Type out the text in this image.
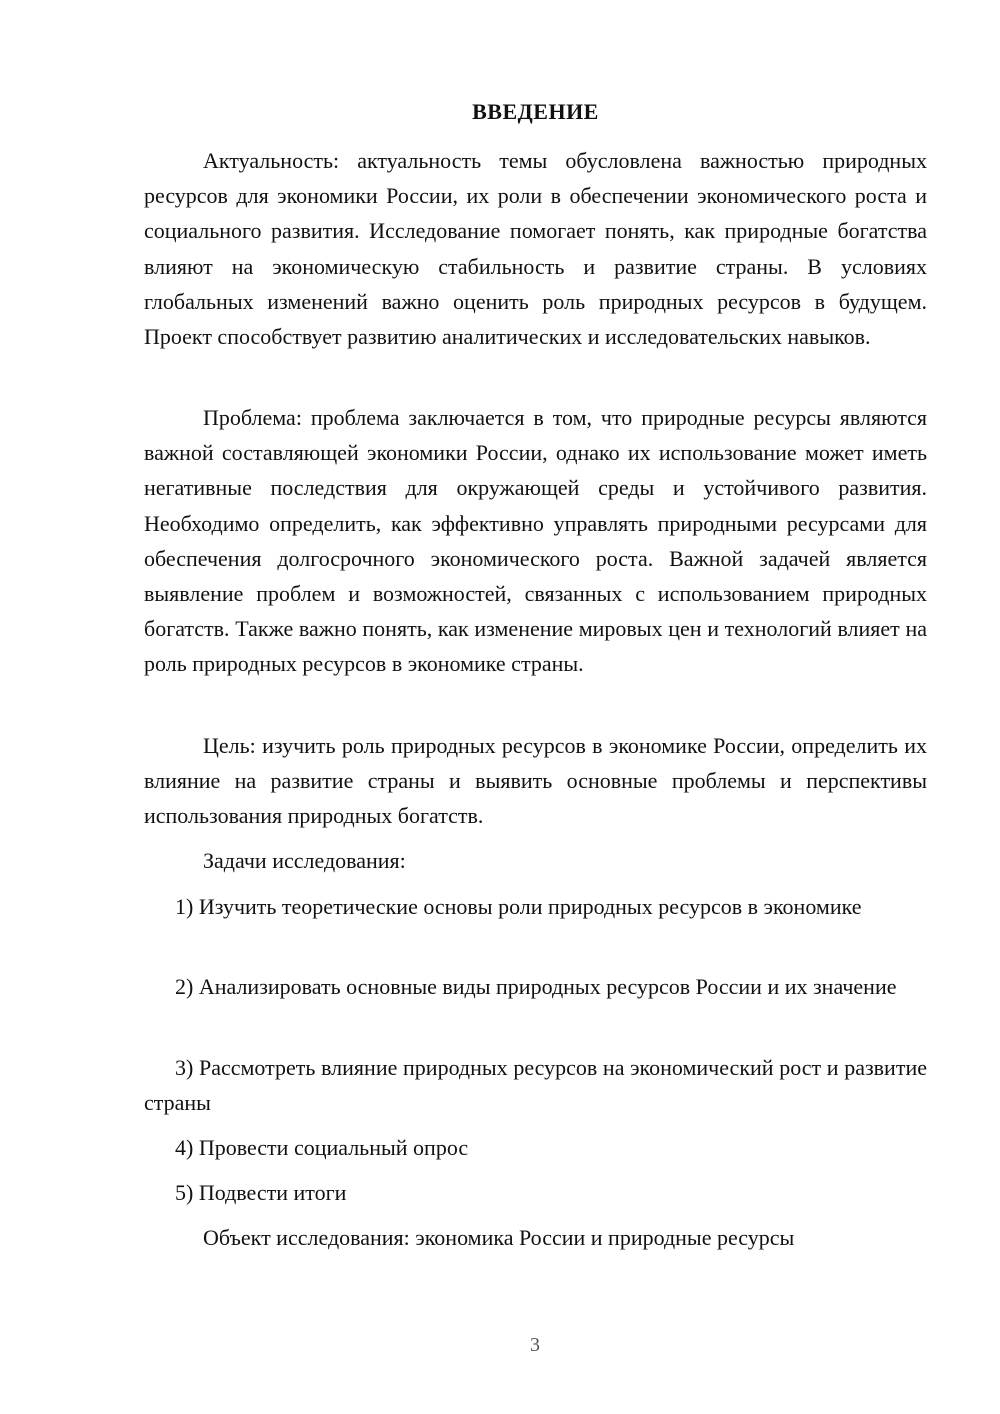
ВВЕДЕНИЕ

Актуальность: актуальность темы обусловлена важностью природных ресурсов для экономики России, их роли в обеспечении экономического роста и социального развития. Исследование помогает понять, как природные богатства влияют на экономическую стабильность и развитие страны. В условиях глобальных изменений важно оценить роль природных ресурсов в будущем. Проект способствует развитию аналитических и исследовательских навыков.

Проблема: проблема заключается в том, что природные ресурсы являются важной составляющей экономики России, однако их использование может иметь негативные последствия для окружающей среды и устойчивого развития. Необходимо определить, как эффективно управлять природными ресурсами для обеспечения долгосрочного экономического роста. Важной задачей является выявление проблем и возможностей, связанных с использованием природных богатств. Также важно понять, как изменение мировых цен и технологий влияет на роль природных ресурсов в экономике страны.

Цель: изучить роль природных ресурсов в экономике России, определить их влияние на развитие страны и выявить основные проблемы и перспективы использования природных богатств.

Задачи исследования:

1) Изучить теоретические основы роли природных ресурсов в экономике

2) Анализировать основные виды природных ресурсов России и их значение

3) Рассмотреть влияние природных ресурсов на экономический рост и развитие страны

4) Провести социальный опрос

5) Подвести итоги

Объект исследования: экономика России и природные ресурсы

3
